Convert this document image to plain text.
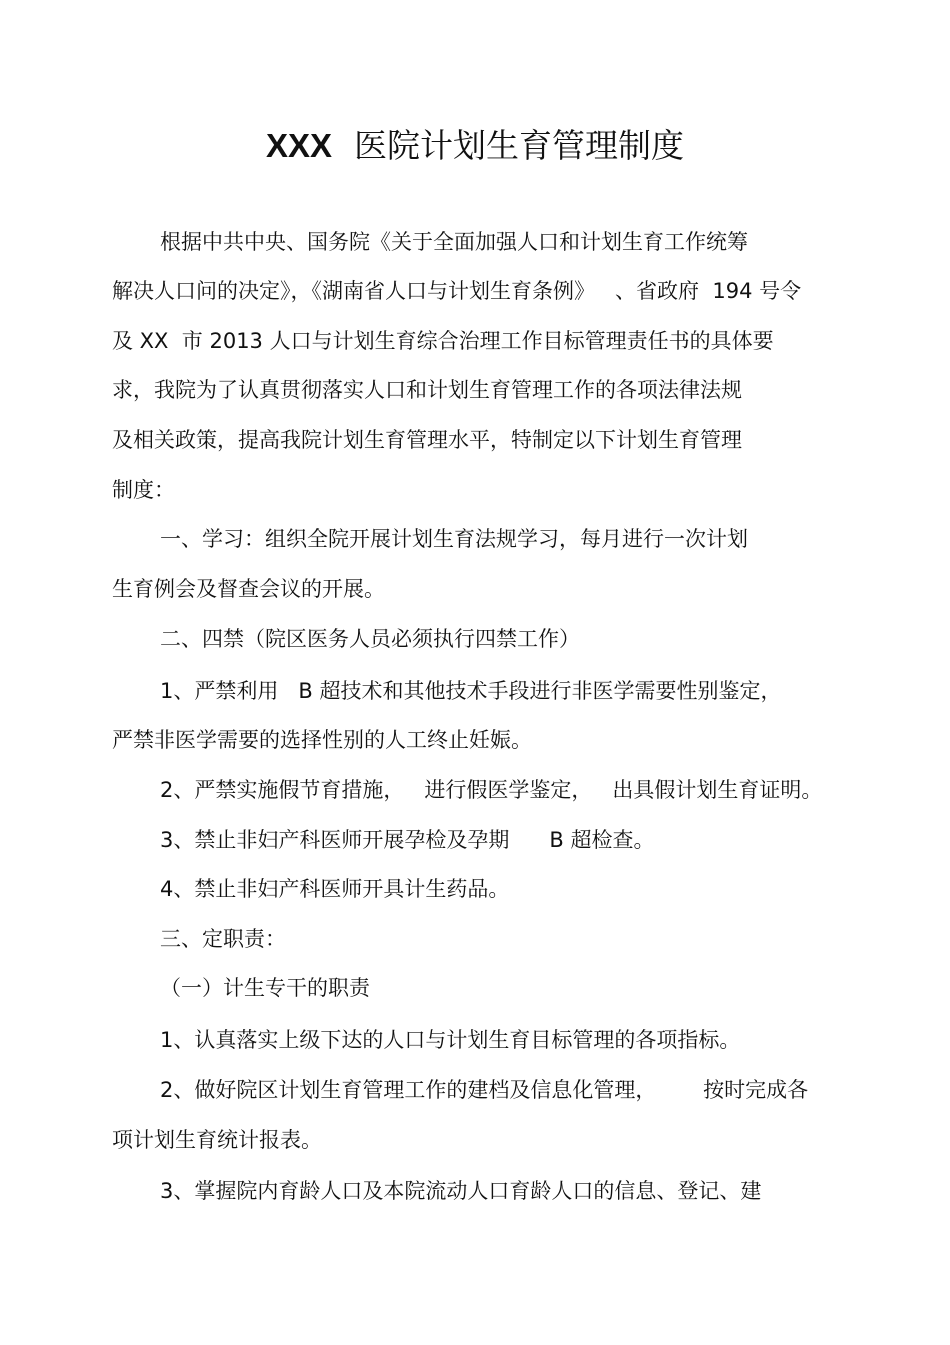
XXX 医院计划生育管理制度
根据中共中央、国务院《关于全面加强人口和计划生育工作统筹
解决人口问的决定》，《湖南省人口与计划生育条例》   、省政府  194 号令
及 XX  市 2013 人口与计划生育综合治理工作目标管理责任书的具体要
求，我院为了认真贯彻落实人口和计划生育管理工作的各项法律法规
及相关政策，提高我院计划生育管理水平，特制定以下计划生育管理
制度：
一、学习：组织全院开展计划生育法规学习，每月进行一次计划
生育例会及督查会议的开展。
二、四禁（院区医务人员必须执行四禁工作）
1、严禁利用   B 超技术和其他技术手段进行非医学需要性别鉴定，
严禁非医学需要的选择性别的人工终止妊娠。
2、严禁实施假节育措施，   进行假医学鉴定，   出具假计划生育证明。
3、禁止非妇产科医师开展孕检及孕期      B 超检查。
4、禁止非妇产科医师开具计生药品。
三、定职责：
（一）计生专干的职责
1、认真落实上级下达的人口与计划生育目标管理的各项指标。
2、做好院区计划生育管理工作的建档及信息化管理，       按时完成各
项计划生育统计报表。
3、掌握院内育龄人口及本院流动人口育龄人口的信息、登记、建
